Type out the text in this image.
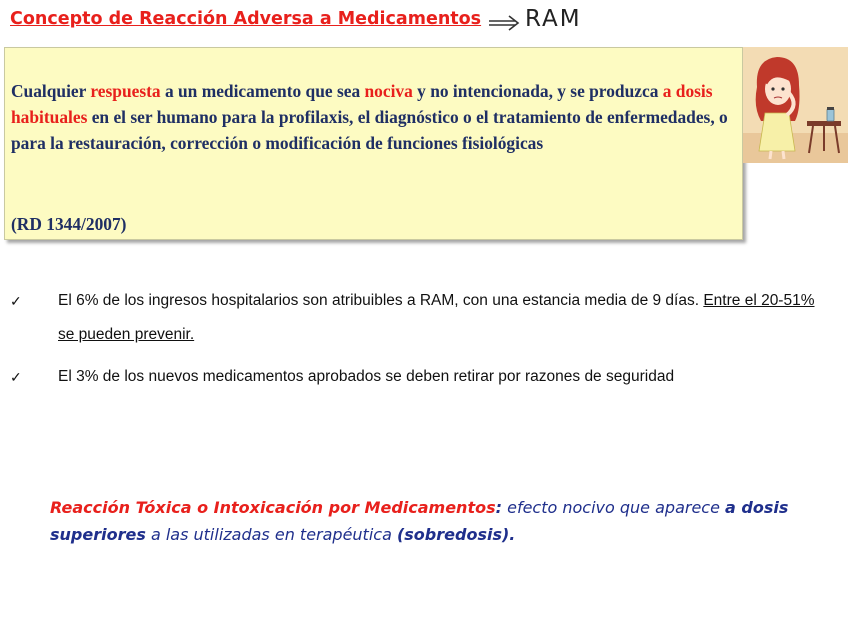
Concepto de Reacción Adversa a Medicamentos	RAM
Cualquier respuesta a un medicamento que sea nociva y no intencionada, y se produzca a dosis habituales en el ser humano para la profilaxis, el diagnóstico o el tratamiento de enfermedades, o para la restauración, corrección o modificación de funciones fisiológicas
(RD 1344/2007)
✓ El 6% de los ingresos hospitalarios son atribuibles a RAM, con una estancia media de 9 días. Entre el 20-51% se pueden prevenir.
✓ El 3% de los nuevos medicamentos aprobados se deben retirar por razones de seguridad
Reacción Tóxica o Intoxicación por Medicamentos: efecto nocivo que aparece a dosis superiores a las utilizadas en terapéutica (sobredosis).
